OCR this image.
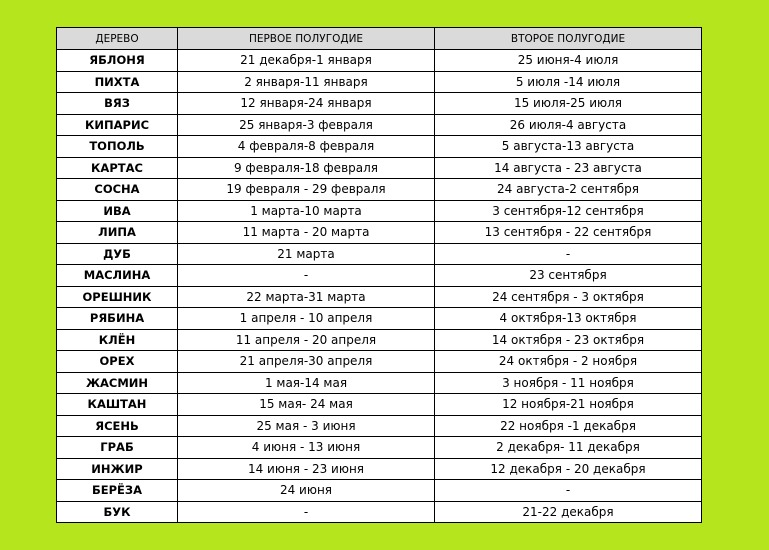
ДЕРЕВО	ПЕРВОЕ ПОЛУГОДИЕ	ВТОРОЕ ПОЛУГОДИЕ
ЯБЛОНЯ	21 декабря-1 января	25 июня-4 июля
ПИХТА	2 января-11 января	5 июля -14 июля
ВЯЗ	12 января-24 января	15 июля-25 июля
КИПАРИС	25 января-3 февраля	26 июля-4 августа
ТОПОЛЬ	4 февраля-8 февраля	5 августа-13 августа
КАРТАС	9 февраля-18 февраля	14 августа - 23 августа
СОСНА	19 февраля - 29 февраля	24 августа-2 сентября
ИВА	1 марта-10 марта	3 сентября-12 сентября
ЛИПА	11 марта - 20 марта	13 сентября - 22 сентября
ДУБ	21 марта	-
МАСЛИНА	-	23 сентября
ОРЕШНИК	22 марта-31 марта	24 сентября - 3 октября
РЯБИНА	1 апреля - 10 апреля	4 октября-13 октября
КЛЁН	11 апреля - 20 апреля	14 октября - 23 октября
ОРЕХ	21 апреля-30 апреля	24 октября - 2 ноября
ЖАСМИН	1 мая-14 мая	3 ноября - 11 ноября
КАШТАН	15 мая- 24 мая	12 ноября-21 ноября
ЯСЕНЬ	25 мая - 3 июня	22 ноября -1 декабря
ГРАБ	4 июня - 13 июня	2 декабря- 11 декабря
ИНЖИР	14 июня - 23 июня	12 декабря - 20 декабря
БЕРЁЗА	24 июня	-
БУК	-	21-22 декабря
